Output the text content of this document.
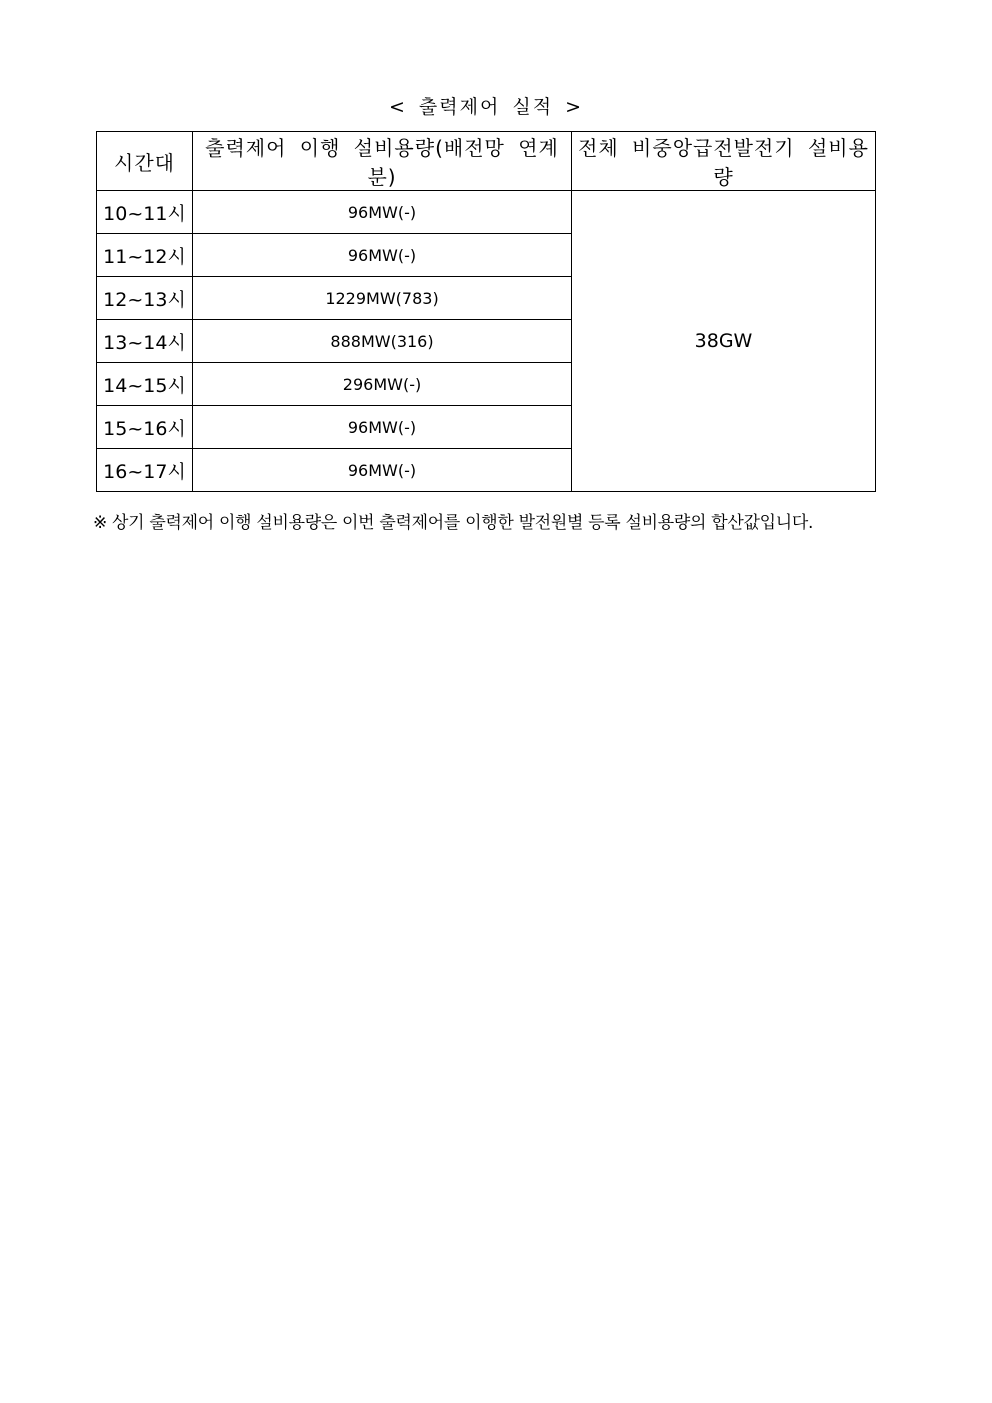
< 출력제어 실적 >
시간대	출력제어 이행 설비용량(배전망 연계분)	전체 비중앙급전발전기 설비용량
10~11시	96MW(-)	38GW
11~12시	96MW(-)	
12~13시	1229MW(783)	
13~14시	888MW(316)	
14~15시	296MW(-)	
15~16시	96MW(-)	
16~17시	96MW(-)	
※ 상기 출력제어 이행 설비용량은 이번 출력제어를 이행한 발전원별 등록 설비용량의 합산값입니다.
